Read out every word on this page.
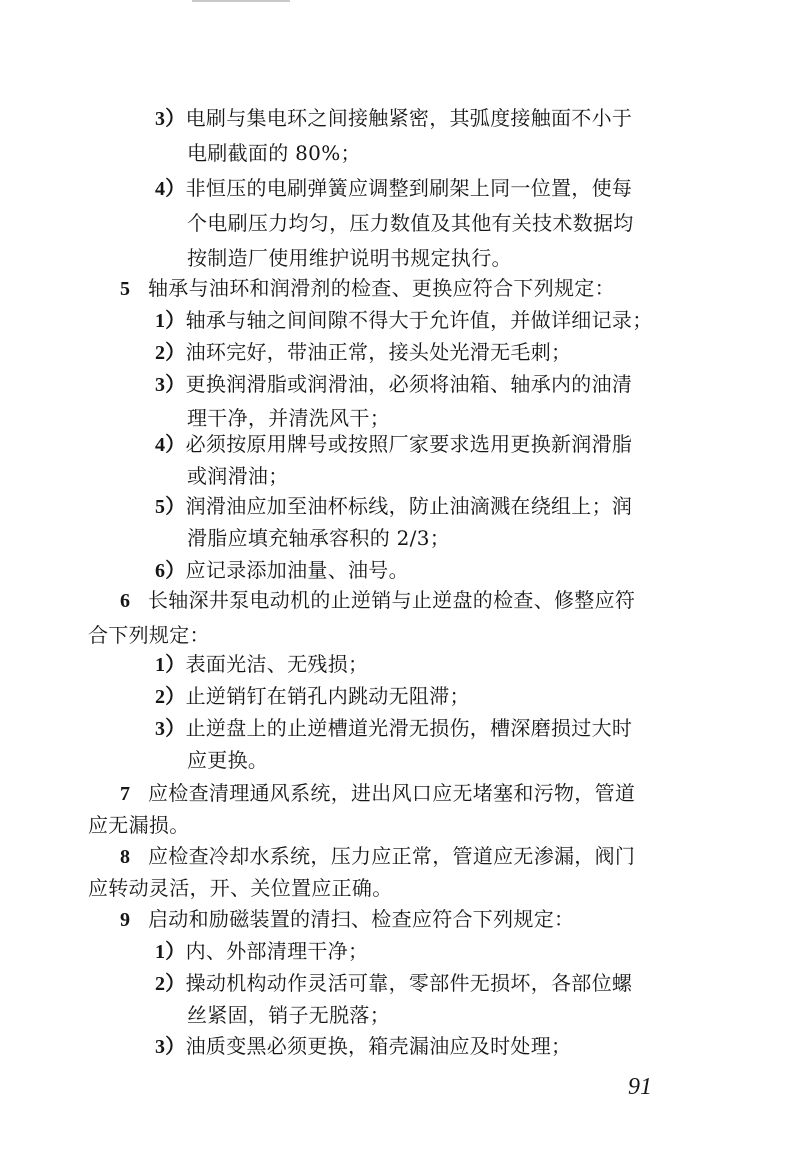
3）电刷与集电环之间接触紧密，其弧度接触面不小于
电刷截面的 80%；
4）非恒压的电刷弹簧应调整到刷架上同一位置，使每
个电刷压力均匀，压力数值及其他有关技术数据均
按制造厂使用维护说明书规定执行。
5 轴承与油环和润滑剂的检查、更换应符合下列规定：
1）轴承与轴之间间隙不得大于允许值，并做详细记录；
2）油环完好，带油正常，接头处光滑无毛刺；
3）更换润滑脂或润滑油，必须将油箱、轴承内的油清
理干净，并清洗风干；
4）必须按原用牌号或按照厂家要求选用更换新润滑脂
或润滑油；
5）润滑油应加至油杯标线，防止油滴溅在绕组上；润
滑脂应填充轴承容积的 2/3；
6）应记录添加油量、油号。
6 长轴深井泵电动机的止逆销与止逆盘的检查、修整应符
合下列规定：
1）表面光洁、无残损；
2）止逆销钉在销孔内跳动无阻滞；
3）止逆盘上的止逆槽道光滑无损伤，槽深磨损过大时
应更换。
7 应检查清理通风系统，进出风口应无堵塞和污物，管道
应无漏损。
8 应检查冷却水系统，压力应正常，管道应无渗漏，阀门
应转动灵活，开、关位置应正确。
9 启动和励磁装置的清扫、检查应符合下列规定：
1）内、外部清理干净；
2）操动机构动作灵活可靠，零部件无损坏，各部位螺
丝紧固，销子无脱落；
3）油质变黑必须更换，箱壳漏油应及时处理；
91
